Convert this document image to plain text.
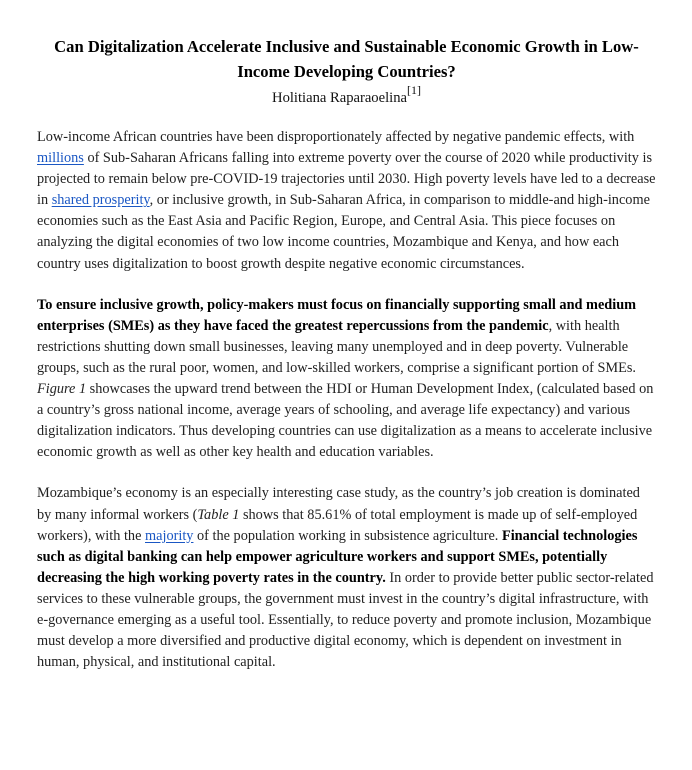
Can Digitalization Accelerate Inclusive and Sustainable Economic Growth in Low-Income Developing Countries?

Holitiana Raparaoelina[1]

Low-income African countries have been disproportionately affected by negative pandemic effects, with millions of Sub-Saharan Africans falling into extreme poverty over the course of 2020 while productivity is projected to remain below pre-COVID-19 trajectories until 2030. High poverty levels have led to a decrease in shared prosperity, or inclusive growth, in Sub-Saharan Africa, in comparison to middle-and high-income economies such as the East Asia and Pacific Region, Europe, and Central Asia. This piece focuses on analyzing the digital economies of two low income countries, Mozambique and Kenya, and how each country uses digitalization to boost growth despite negative economic circumstances.

To ensure inclusive growth, policy-makers must focus on financially supporting small and medium enterprises (SMEs) as they have faced the greatest repercussions from the pandemic, with health restrictions shutting down small businesses, leaving many unemployed and in deep poverty. Vulnerable groups, such as the rural poor, women, and low-skilled workers, comprise a significant portion of SMEs. Figure 1 showcases the upward trend between the HDI or Human Development Index, (calculated based on a country’s gross national income, average years of schooling, and average life expectancy) and various digitalization indicators. Thus developing countries can use digitalization as a means to accelerate inclusive economic growth as well as other key health and education variables.

Mozambique’s economy is an especially interesting case study, as the country’s job creation is dominated by many informal workers (Table 1 shows that 85.61% of total employment is made up of self-employed workers), with the majority of the population working in subsistence agriculture. Financial technologies such as digital banking can help empower agriculture workers and support SMEs, potentially decreasing the high working poverty rates in the country. In order to provide better public sector-related services to these vulnerable groups, the government must invest in the country’s digital infrastructure, with e-governance emerging as a useful tool. Essentially, to reduce poverty and promote inclusion, Mozambique must develop a more diversified and productive digital economy, which is dependent on investment in human, physical, and institutional capital.
